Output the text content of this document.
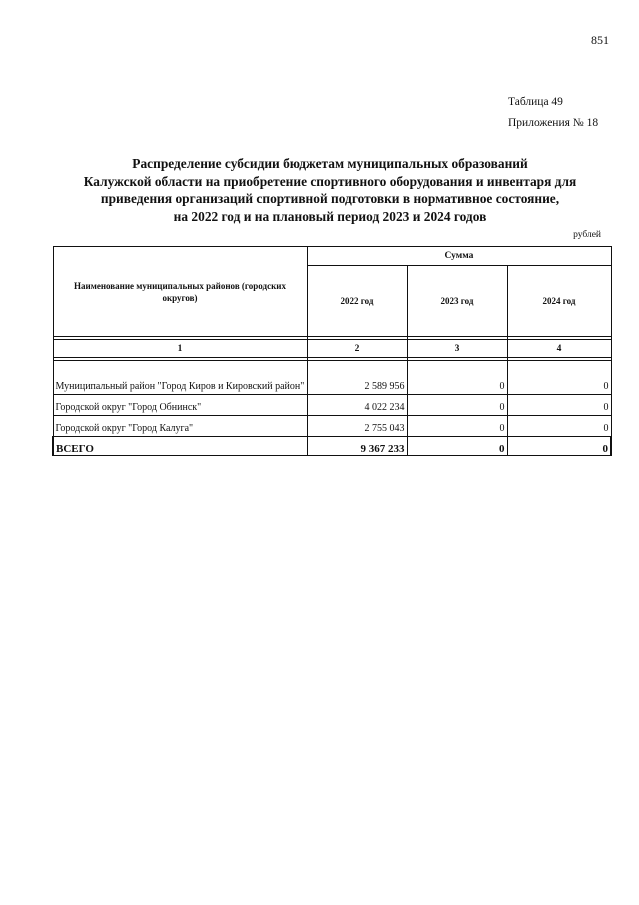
851
Таблица 49
Приложения № 18
Распределение субсидии бюджетам муниципальных образований
Калужской области на приобретение спортивного оборудования и инвентаря для
приведения организаций спортивной подготовки в нормативное состояние,
на 2022 год и на плановый период 2023 и 2024 годов
рублей
Наименование муниципальных районов (городских округов)	Сумма		
	2022 год	2023 год	2024 год

1	2	3	4

Муниципальный район "Город Киров и Кировский район"	2 589 956	0	0
Городской округ "Город Обнинск"	4 022 234	0	0
Городской округ "Город Калуга"	2 755 043	0	0
ВСЕГО	9 367 233	0	0
